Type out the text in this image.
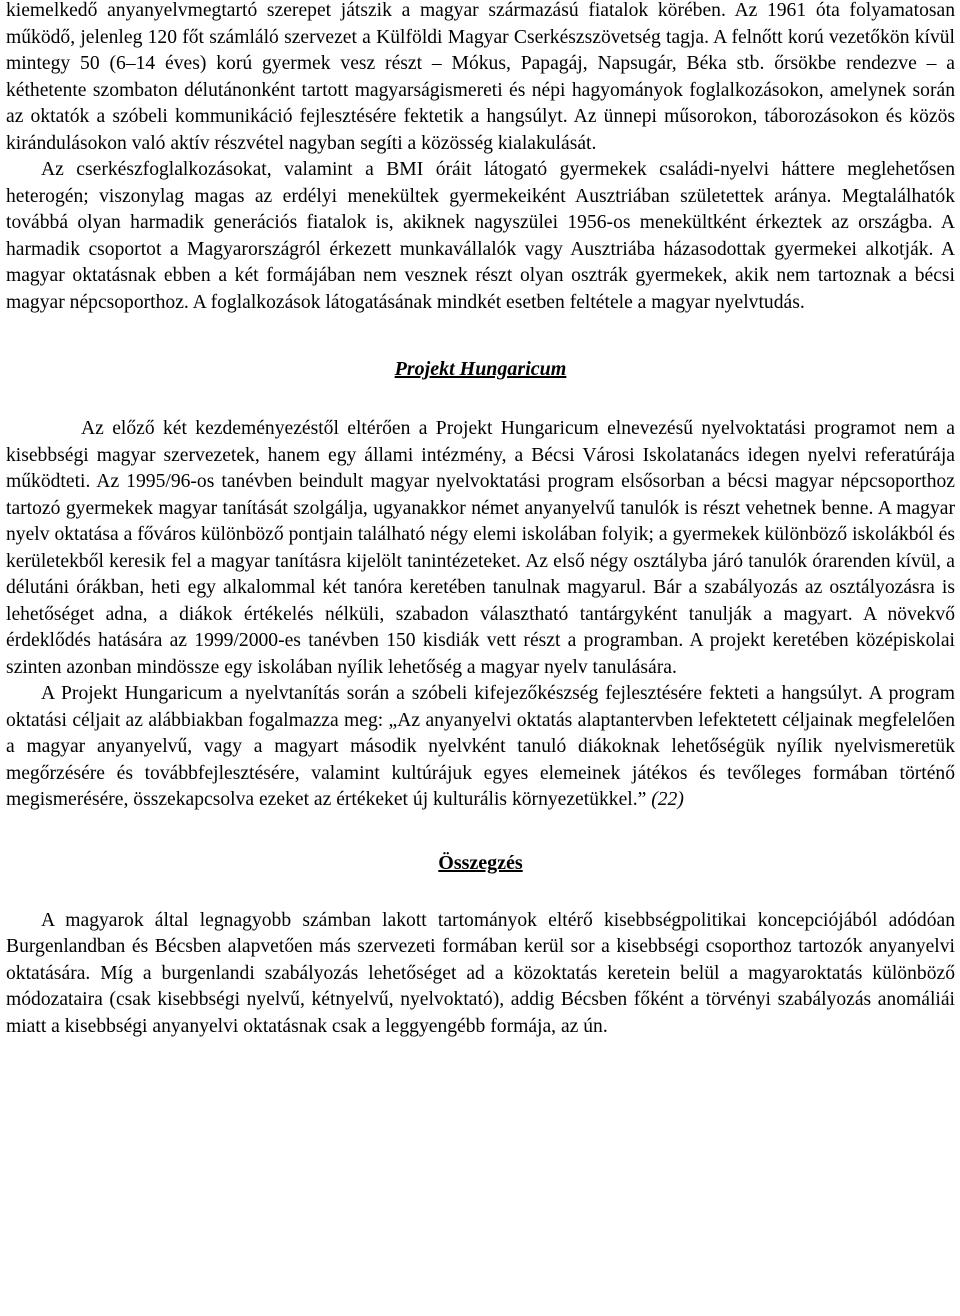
kiemelkedő anyanyelvmegtartó szerepet játszik a magyar származású fiatalok körében. Az 1961 óta folyamatosan működő, jelenleg 120 főt számláló szervezet a Külföldi Magyar Cserkészszövetség tagja. A felnőtt korú vezetőkön kívül mintegy 50 (6–14 éves) korú gyermek vesz részt – Mókus, Papagáj, Napsugár, Béka stb. őrsökbe rendezve – a kéthetente szombaton délutánonként tartott magyarságismereti és népi hagyományok foglalkozásokon, amelynek során az oktatók a szóbeli kommunikáció fejlesztésére fektetik a hangsúlyt. Az ünnepi műsorokon, táborozásokon és közös kirándulásokon való aktív részvétel nagyban segíti a közösség kialakulását.

Az cserkészfoglalkozásokat, valamint a BMI óráit látogató gyermekek családi-nyelvi háttere meglehetősen heterogén; viszonylag magas az erdélyi menekültek gyermekeiként Ausztriában születettek aránya. Megtalálhatók továbbá olyan harmadik generációs fiatalok is, akiknek nagyszülei 1956-os menekültként érkeztek az országba. A harmadik csoportot a Magyarországról érkezett munkavállalók vagy Ausztriába házasodottak gyermekei alkotják. A magyar oktatásnak ebben a két formájában nem vesznek részt olyan osztrák gyermekek, akik nem tartoznak a bécsi magyar népcsoporthoz. A foglalkozások látogatásának mindkét esetben feltétele a magyar nyelvtudás.

Projekt Hungaricum

Az előző két kezdeményezéstől eltérően a Projekt Hungaricum elnevezésű nyelvoktatási programot nem a kisebbségi magyar szervezetek, hanem egy állami intézmény, a Bécsi Városi Iskolatanács idegen nyelvi referatúrája működteti. Az 1995/96-os tanévben beindult magyar nyelvoktatási program elsősorban a bécsi magyar népcsoporthoz tartozó gyermekek magyar tanítását szolgálja, ugyanakkor német anyanyelvű tanulók is részt vehetnek benne. A magyar nyelv oktatása a főváros különböző pontjain található négy elemi iskolában folyik; a gyermekek különböző iskolákból és kerületekből keresik fel a magyar tanításra kijelölt tanintézeteket. Az első négy osztályba járó tanulók órarenden kívül, a délutáni órákban, heti egy alkalommal két tanóra keretében tanulnak magyarul. Bár a szabályozás az osztályozásra is lehetőséget adna, a diákok értékelés nélküli, szabadon választható tantárgyként tanulják a magyart. A növekvő érdeklődés hatására az 1999/2000-es tanévben 150 kisdiák vett részt a programban. A projekt keretében középiskolai szinten azonban mindössze egy iskolában nyílik lehetőség a magyar nyelv tanulására.

A Projekt Hungaricum a nyelvtanítás során a szóbeli kifejezőkészség fejlesztésére fekteti a hangsúlyt. A program oktatási céljait az alábbiakban fogalmazza meg: „Az anyanyelvi oktatás alaptantervben lefektetett céljainak megfelelően a magyar anyanyelvű, vagy a magyart második nyelvként tanuló diákoknak lehetőségük nyílik nyelvismeretük megőrzésére és továbbfejlesztésére, valamint kultúrájuk egyes elemeinek játékos és tevőleges formában történő megismerésére, összekapcsolva ezeket az értékeket új kulturális környezetükkel.” (22)

Összegzés

A magyarok által legnagyobb számban lakott tartományok eltérő kisebbségpolitikai koncepciójából adódóan Burgenlandban és Bécsben alapvetően más szervezeti formában kerül sor a kisebbségi csoporthoz tartozók anyanyelvi oktatására. Míg a burgenlandi szabályozás lehetőséget ad a közoktatás keretein belül a magyaroktatás különböző módozataira (csak kisebbségi nyelvű, kétnyelvű, nyelvoktató), addig Bécsben főként a törvényi szabályozás anomáliái miatt a kisebbségi anyanyelvi oktatásnak csak a leggyengébb formája, az ún.
